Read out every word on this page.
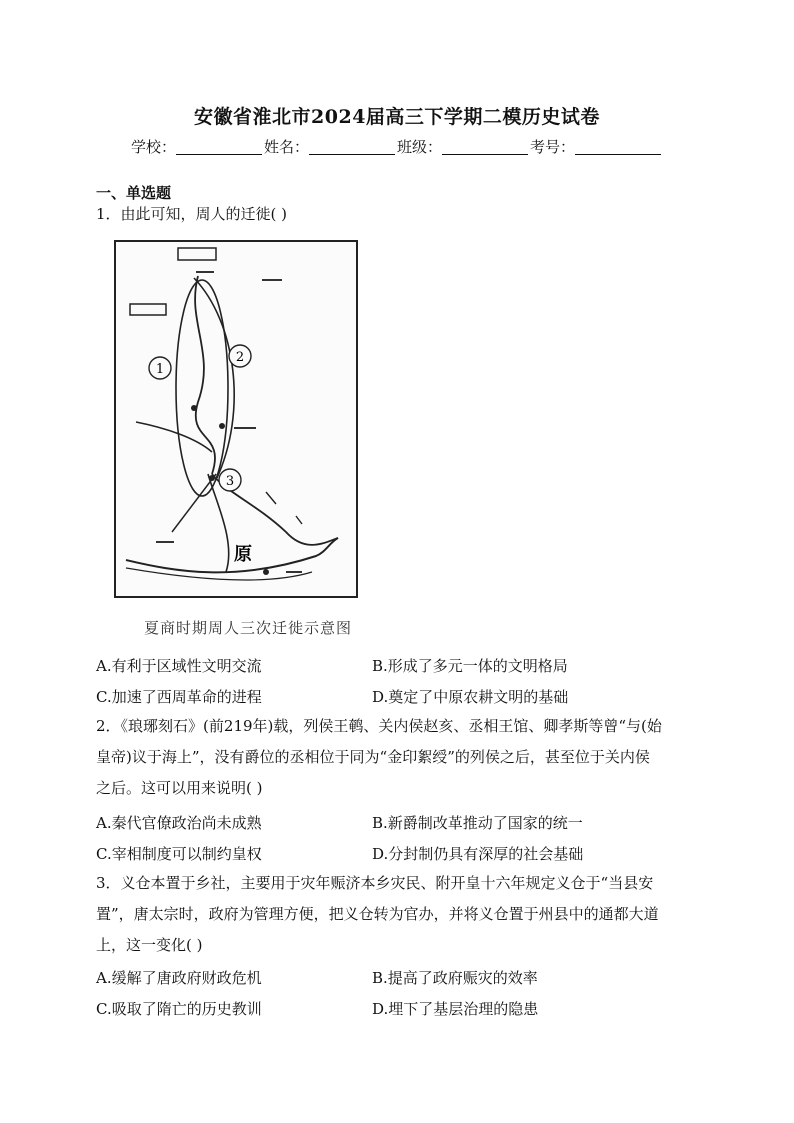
安徽省淮北市2024届高三下学期二模历史试卷
学校：	姓名：	班级：	考号：
一、单选题
1．由此可知，周人的迁徙( )
1
2
3
原
夏商时期周人三次迁徙示意图
A.有利于区域性文明交流	B.形成了多元一体的文明格局
C.加速了西周革命的进程	D.奠定了中原农耕文明的基础
2．《琅琊刻石》(前219年)载，列侯王鹌、关内侯赵亥、丞相王馆、卿孝斯等曾“与(始
皇帝)议于海上”，没有爵位的丞相位于同为“金印絮绶”的列侯之后，甚至位于关内侯
之后。这可以用来说明( )
A.秦代官僚政治尚未成熟	B.新爵制改革推动了国家的统一
C.宰相制度可以制约皇权	D.分封制仍具有深厚的社会基础
3．义仓本置于乡社，主要用于灾年赈济本乡灾民、附开皇十六年规定义仓于“当县安
置”，唐太宗时，政府为管理方便，把义仓转为官办，并将义仓置于州县中的通都大道
上，这一变化( )
A.缓解了唐政府财政危机	B.提高了政府赈灾的效率
C.吸取了隋亡的历史教训	D.埋下了基层治理的隐患
